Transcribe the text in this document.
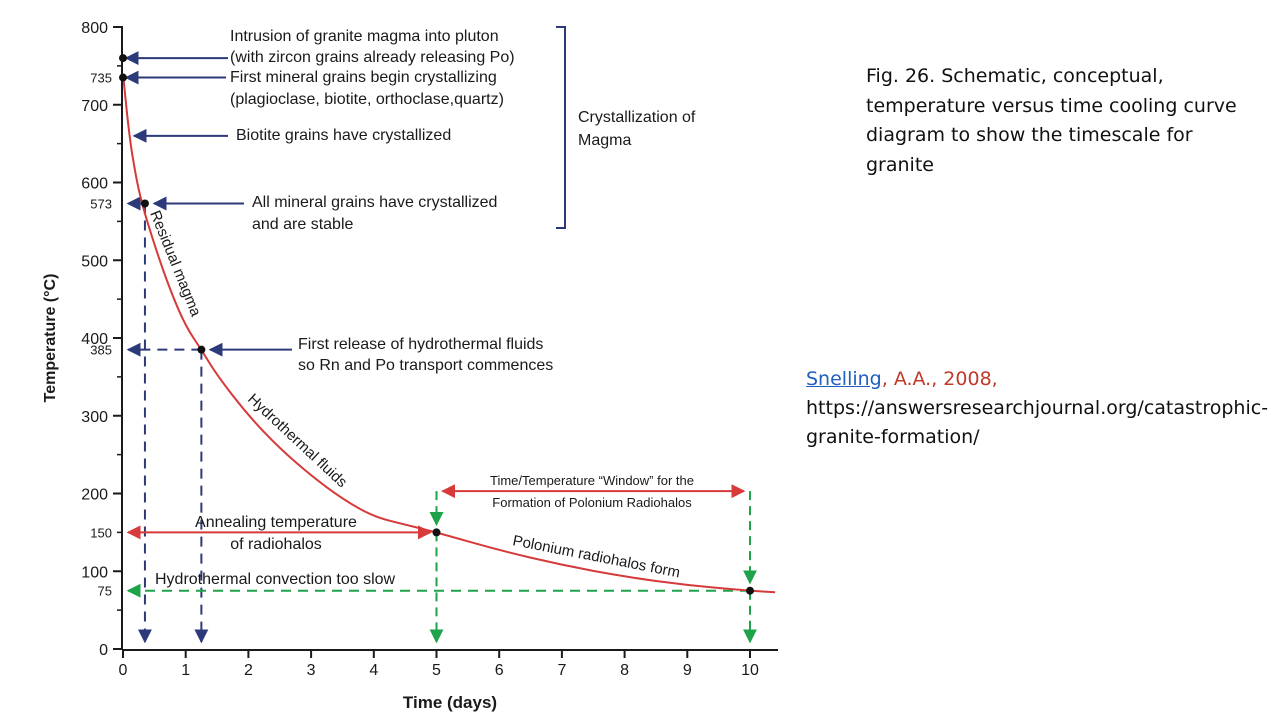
0
100
200
300
400
500
600
700
800
735
573
385
150
75
0	1	2	3	4	5	6	7	8	9	10
Time (days)
Temperature (°C)
Intrusion of granite magma into pluton
(with zircon grains already releasing Po)
First mineral grains begin crystallizing
(plagioclase, biotite, orthoclase,quartz)
Biotite grains have crystallized
All mineral grains have crystallized
and are stable
Crystallization of
Magma
Residual magma
First release of hydrothermal fluids
so Rn and Po transport commences
Hydrothermal fluids	Time/Temperature “Window” for the
Formation of Polonium Radiohalos
Annealing temperature
of radiohalos	Polonium radiohalos form
Hydrothermal convection too slow
Fig. 26. Schematic, conceptual, temperature versus time cooling curve diagram to show the timescale for granite
Snelling, A.A., 2008,
https://answersresearchjournal.org/catastrophic-granite-formation/
